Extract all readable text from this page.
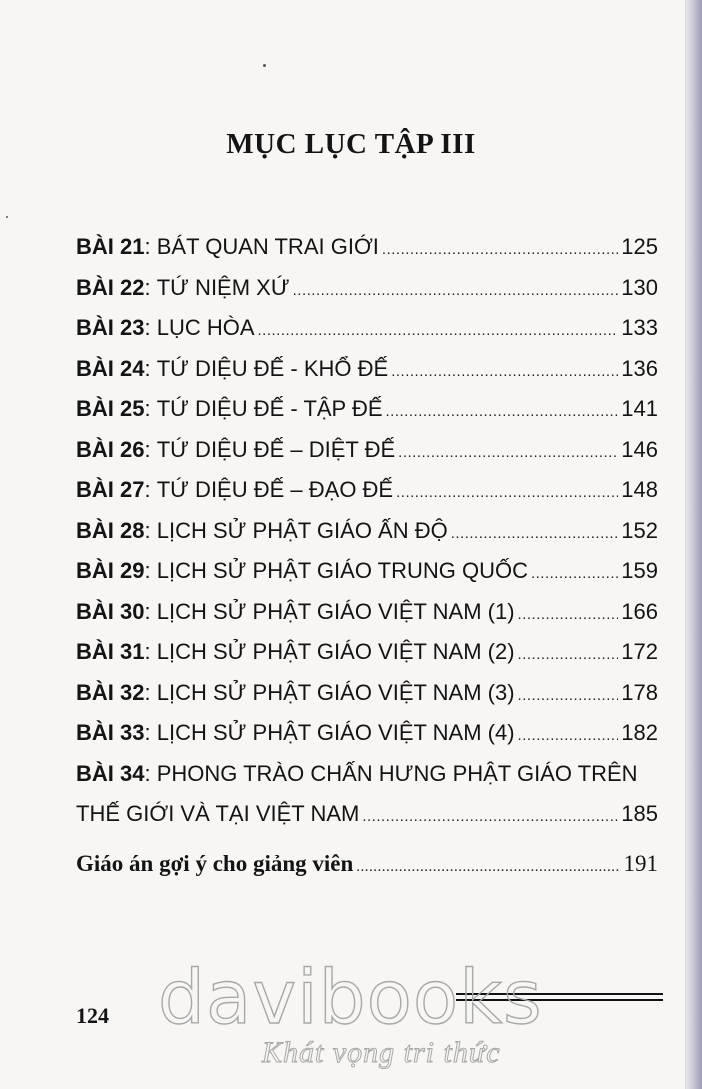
MỤC LỤC TẬP III
BÀI 21 : BÁT QUAN TRAI GIỚI .....	125
BÀI 22 : TỨ NIỆM XỨ .....	130
BÀI 23 : LỤC HÒA .....	133
BÀI 24 : TỨ DIỆU ĐẾ - KHỔ ĐẾ .....	136
BÀI 25 : TỨ DIỆU ĐẾ - TẬP ĐẾ .....	141
BÀI 26 : TỨ DIỆU ĐẾ – DIỆT ĐẾ .....	146
BÀI 27 : TỨ DIỆU ĐẾ – ĐẠO ĐẾ .....	148
BÀI 28 : LỊCH SỬ PHẬT GIÁO ẤN ĐỘ .....	152
BÀI 29 : LỊCH SỬ PHẬT GIÁO TRUNG QUỐC .....	159
BÀI 30 : LỊCH SỬ PHẬT GIÁO VIỆT NAM (1) .....	166
BÀI 31 : LỊCH SỬ PHẬT GIÁO VIỆT NAM (2) .....	172
BÀI 32 : LỊCH SỬ PHẬT GIÁO VIỆT NAM (3) .....	178
BÀI 33 : LỊCH SỬ PHẬT GIÁO VIỆT NAM (4) .....	182
BÀI 34: PHONG TRÀO CHẤN HƯNG PHẬT GIÁO TRÊN
THẾ GIỚI VÀ TẠI VIỆT NAM .....	185
Giáo án gợi ý cho giảng viên .....	191
124 davibooks
Khát vọng tri thức
